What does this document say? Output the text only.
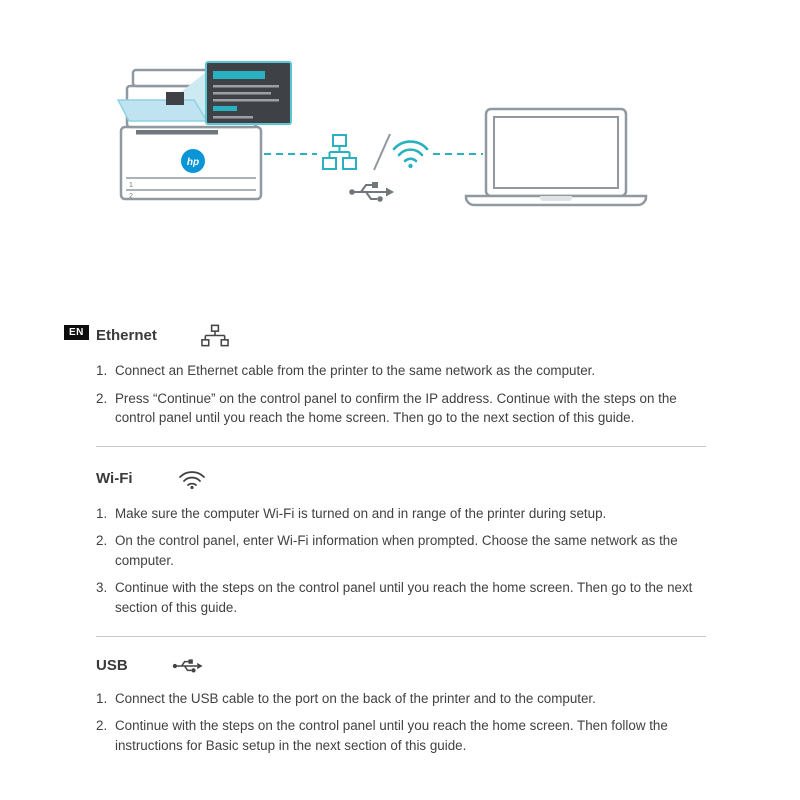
hp
1
2
EN Ethernet
1. Connect an Ethernet cable from the printer to the same network as the computer.
2. Press “Continue” on the control panel to confirm the IP address. Continue with the steps on the control panel until you reach the home screen. Then go to the next section of this guide.
Wi-Fi
1. Make sure the computer Wi-Fi is turned on and in range of the printer during setup.
2. On the control panel, enter Wi-Fi information when prompted. Choose the same network as the computer.
3. Continue with the steps on the control panel until you reach the home screen. Then go to the next section of this guide.
USB
1. Connect the USB cable to the port on the back of the printer and to the computer.
2. Continue with the steps on the control panel until you reach the home screen. Then follow the instructions for Basic setup in the next section of this guide.
